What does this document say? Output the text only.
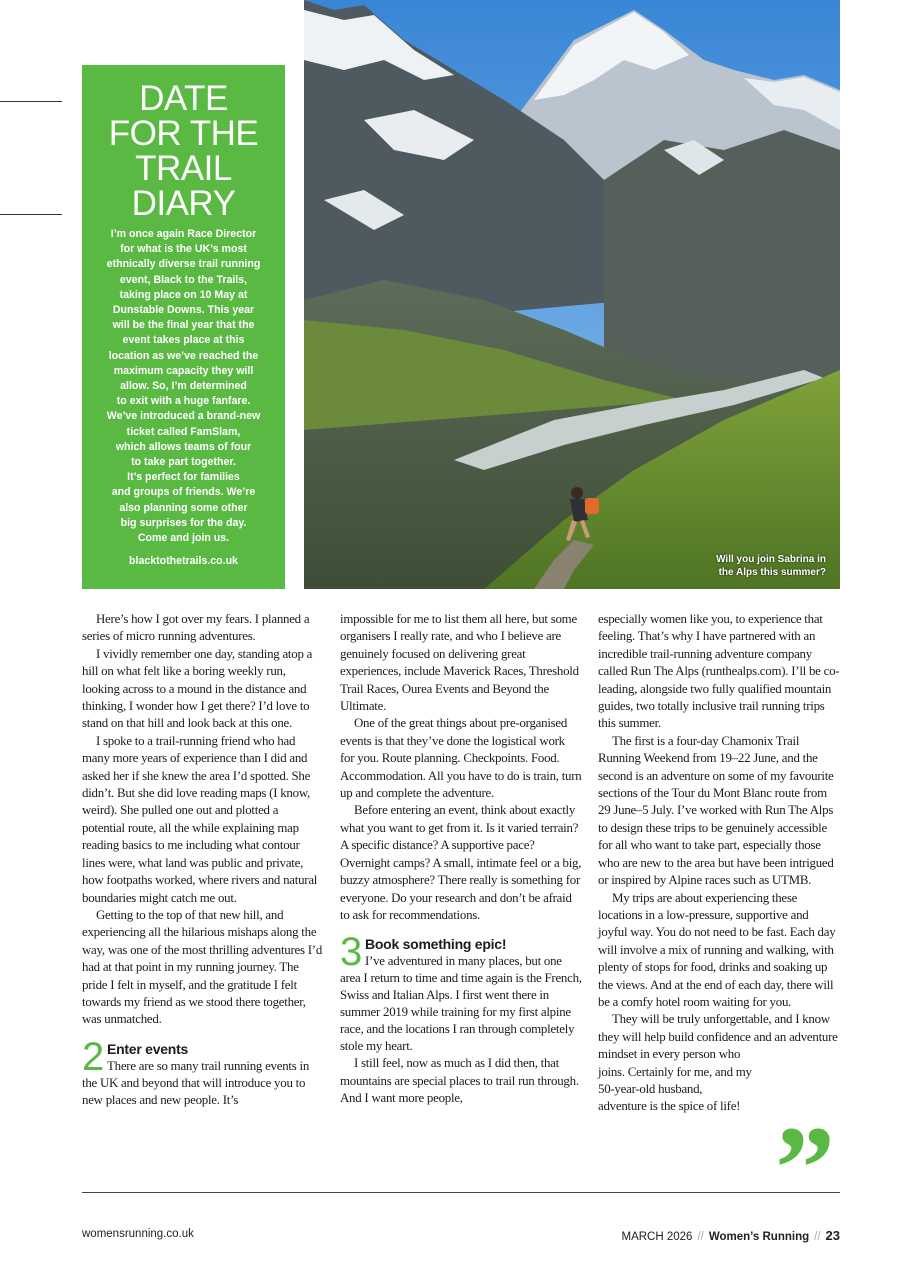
DATE
FOR THE
TRAIL
DIARY
I’m once again Race Director
for what is the UK’s most
ethnically diverse trail running
event, Black to the Trails,
taking place on 10 May at
Dunstable Downs. This year
will be the final year that the
event takes place at this
location as we’ve reached the
maximum capacity they will
allow. So, I’m determined
to exit with a huge fanfare.
We’ve introduced a brand-new
ticket called FamSlam,
which allows teams of four
to take part together.
It’s perfect for families
and groups of friends. We’re
also planning some other
big surprises for the day.
Come and join us.
blacktothetrails.co.uk	Will you join Sabrina in
the Alps this summer?

Here’s how I got over my fears. I planned a series of micro running adventures.

I vividly remember one day, standing atop a hill on what felt like a boring weekly run, looking across to a mound in the distance and thinking, I wonder how I get there? I’d love to stand on that hill and look back at this one.

I spoke to a trail-running friend who had many more years of experience than I did and asked her if she knew the area I’d spotted. She didn’t. But she did love reading maps (I know, weird). She pulled one out and plotted a potential route, all the while explaining map reading basics to me including what contour lines were, what land was public and private, how footpaths worked, where rivers and natural boundaries might catch me out.

Getting to the top of that new hill, and experiencing all the hilarious mishaps along the way, was one of the most thrilling adventures I’d had at that point in my running journey. The pride I felt in myself, and the gratitude I felt towards my friend as we stood there together, was unmatched.

2 Enter events
There are so many trail running events in the UK and beyond that will introduce you to new places and new people. It’s

impossible for me to list them all here, but some organisers I really rate, and who I believe are genuinely focused on delivering great experiences, include Maverick Races, Threshold Trail Races, Ourea Events and Beyond the Ultimate.

One of the great things about pre-organised events is that they’ve done the logistical work for you. Route planning. Checkpoints. Food. Accommodation. All you have to do is train, turn up and complete the adventure.

Before entering an event, think about exactly what you want to get from it. Is it varied terrain? A specific distance? A supportive pace? Overnight camps? A small, intimate feel or a big, buzzy atmosphere? There really is something for everyone. Do your research and don’t be afraid to ask for recommendations.

3 Book something epic!
I’ve adventured in many places, but one area I return to time and time again is the French, Swiss and Italian Alps. I first went there in summer 2019 while training for my first alpine race, and the locations I ran through completely stole my heart.

I still feel, now as much as I did then, that mountains are special places to trail run through. And I want more people,

especially women like you, to experience that feeling. That’s why I have partnered with an incredible trail-running adventure company called Run The Alps (runthealps.com). I’ll be co-leading, alongside two fully qualified mountain guides, two totally inclusive trail running trips this summer.

The first is a four-day Chamonix Trail Running Weekend from 19–22 June, and the second is an adventure on some of my favourite sections of the Tour du Mont Blanc route from 29 June–5 July. I’ve worked with Run The Alps to design these trips to be genuinely accessible for all who want to take part, especially those who are new to the area but have been intrigued or inspired by Alpine races such as UTMB.

My trips are about experiencing these locations in a low-pressure, supportive and joyful way. You do not need to be fast. Each day will involve a mix of running and walking, with plenty of stops for food, drinks and soaking up the views. And at the end of each day, there will be a comfy hotel room waiting for you.

They will be truly unforgettable, and I know they will help build confidence and an adventure mindset in every person who

joins. Certainly for me, and my

50-year-old husband,

adventure is the spice of life! ”
womensrunning.co.uk	MARCH 2026 // Women’s Running // 23
